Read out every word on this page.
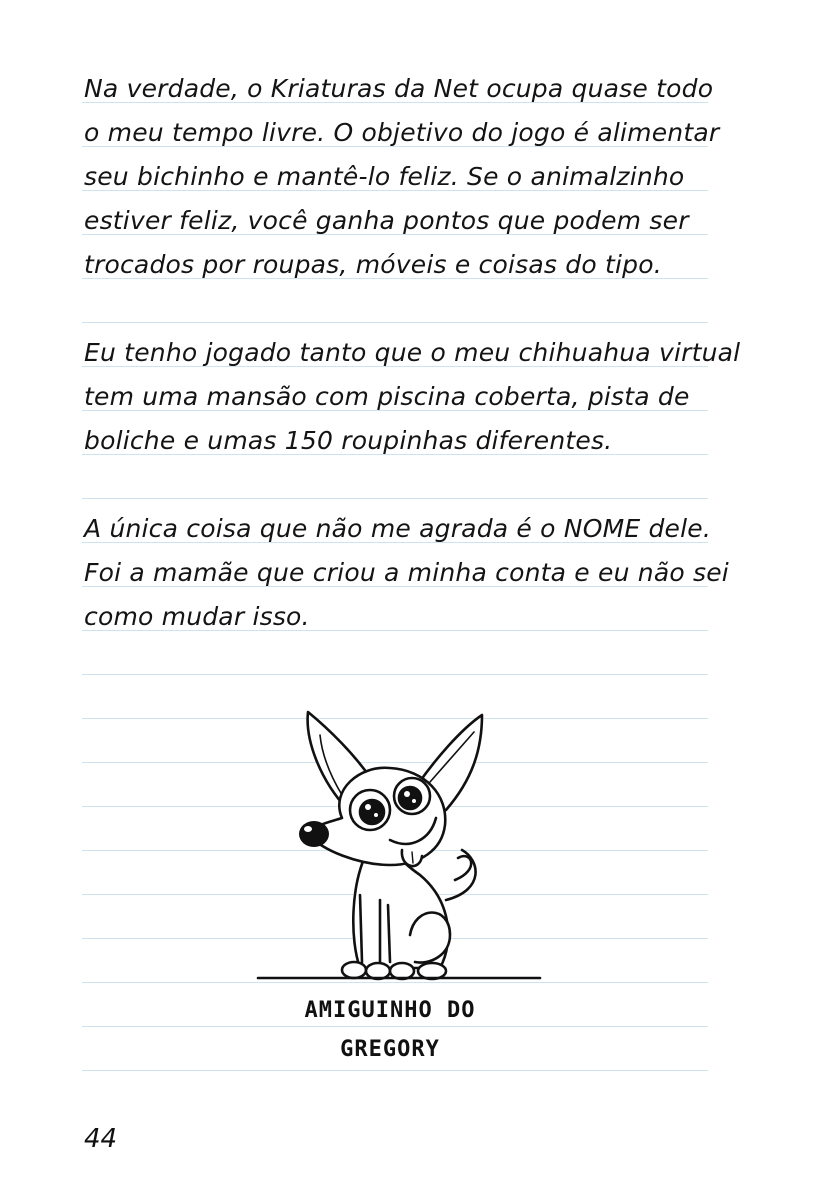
Na verdade, o Kriaturas da Net ocupa quase todo
o meu tempo livre. O objetivo do jogo é alimentar
seu bichinho e mantê-lo feliz. Se o animalzinho
estiver feliz, você ganha pontos que podem ser
trocados por roupas, móveis e coisas do tipo.
Eu tenho jogado tanto que o meu chihuahua virtual
tem uma mansão com piscina coberta, pista de
boliche e umas 150 roupinhas diferentes.
A única coisa que não me agrada é o NOME dele.
Foi a mamãe que criou a minha conta e eu não sei
como mudar isso.
AMIGUINHO DO
GREGORY
44
